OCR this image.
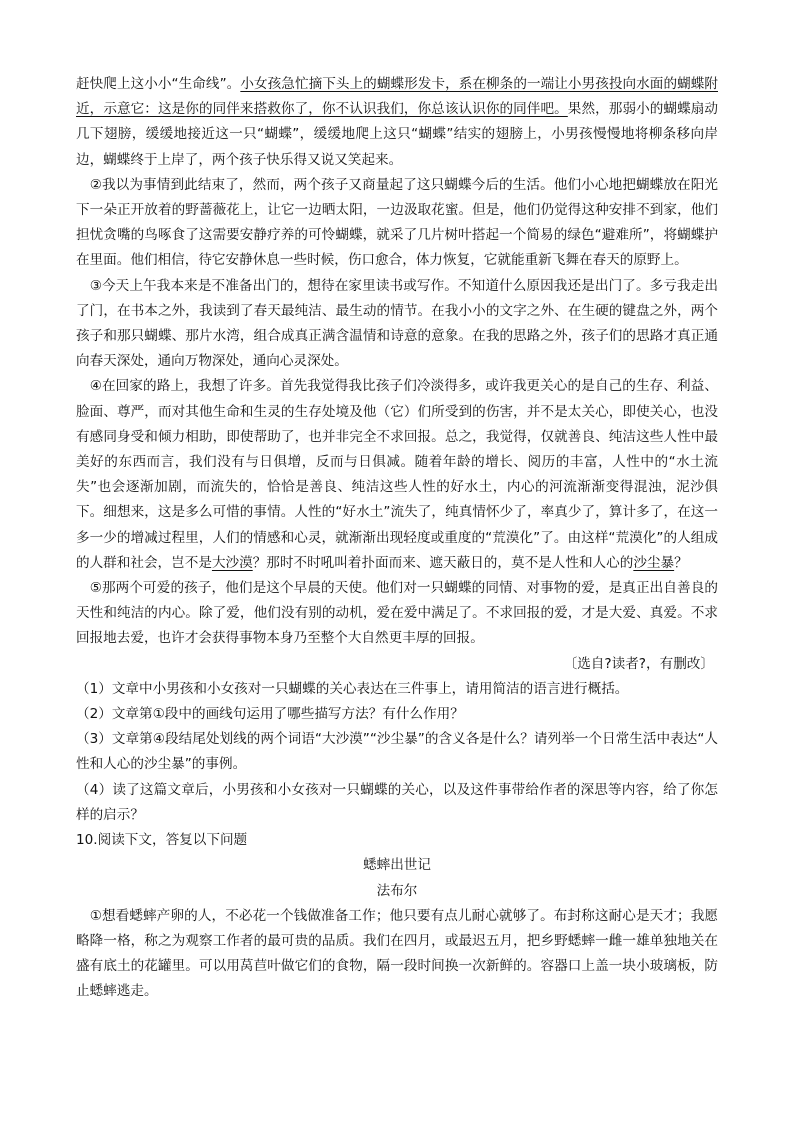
赶快爬上这小小“生命线”。小女孩急忙摘下头上的蝴蝶形发卡，系在柳条的一端让小男孩投向水面的蝴蝶附近，示意它：这是你的同伴来搭救你了，你不认识我们，你总该认识你的同伴吧。果然，那弱小的蝴蝶扇动几下翅膀，缓缓地接近这一只“蝴蝶”，缓缓地爬上这只“蝴蝶”结实的翅膀上，小男孩慢慢地将柳条移向岸边，蝴蝶终于上岸了，两个孩子快乐得又说又笑起来。

 ②我以为事情到此结束了，然而，两个孩子又商量起了这只蝴蝶今后的生活。他们小心地把蝴蝶放在阳光下一朵正开放着的野蔷薇花上，让它一边晒太阳，一边汲取花蜜。但是，他们仍觉得这种安排不到家，他们担忧贪嘴的鸟啄食了这需要安静疗养的可怜蝴蝶，就采了几片树叶搭起一个简易的绿色“避难所”，将蝴蝶护在里面。他们相信，待它安静休息一些时候，伤口愈合，体力恢复，它就能重新飞舞在春天的原野上。

 ③今天上午我本来是不准备出门的，想待在家里读书或写作。不知道什么原因我还是出门了。多亏我走出了门，在书本之外，我读到了春天最纯洁、最生动的情节。在我小小的文字之外、在生硬的键盘之外，两个孩子和那只蝴蝶、那片水湾，组合成真正满含温情和诗意的意象。在我的思路之外，孩子们的思路才真正通向春天深处，通向万物深处，通向心灵深处。

 ④在回家的路上，我想了许多。首先我觉得我比孩子们冷淡得多，或许我更关心的是自己的生存、利益、脸面、尊严，而对其他生命和生灵的生存处境及他（它）们所受到的伤害，并不是太关心，即使关心，也没有感同身受和倾力相助，即使帮助了，也并非完全不求回报。总之，我觉得，仅就善良、纯洁这些人性中最美好的东西而言，我们没有与日俱增，反而与日俱减。随着年龄的增长、阅历的丰富，人性中的“水土流失”也会逐渐加剧，而流失的，恰恰是善良、纯洁这些人性的好水土，内心的河流渐渐变得混浊，泥沙俱下。细想来，这是多么可惜的事情。人性的“好水土”流失了，纯真情怀少了，率真少了，算计多了，在这一多一少的增减过程里，人们的情感和心灵，就渐渐出现轻度或重度的“荒漠化”了。由这样“荒漠化”的人组成的人群和社会，岂不是大沙漠？那时不时吼叫着扑面而来、遮天蔽日的，莫不是人性和人心的沙尘暴？

 ⑤那两个可爱的孩子，他们是这个早晨的天使。他们对一只蝴蝶的同情、对事物的爱，是真正出自善良的天性和纯洁的内心。除了爱，他们没有别的动机，爱在爱中满足了。不求回报的爱，才是大爱、真爱。不求回报地去爱，也许才会获得事物本身乃至整个大自然更丰厚的回报。

〔选自?读者?，有删改〕

（1）文章中小男孩和小女孩对一只蝴蝶的关心表达在三件事上，请用简洁的语言进行概括。

（2）文章第①段中的画线句运用了哪些描写方法？有什么作用？

（3）文章第④段结尾处划线的两个词语“大沙漠”“沙尘暴”的含义各是什么？请列举一个日常生活中表达“人性和人心的沙尘暴”的事例。

（4）读了这篇文章后，小男孩和小女孩对一只蝴蝶的关心，以及这件事带给作者的深思等内容，给了你怎样的启示？

10.阅读下文，答复以下问题

蟋蟀出世记

法布尔

 ①想看蟋蟀产卵的人，不必花一个钱做准备工作；他只要有点儿耐心就够了。布封称这耐心是天才；我愿略降一格，称之为观察工作者的最可贵的品质。我们在四月，或最迟五月，把乡野蟋蟀一雌一雄单独地关在盛有底土的花罐里。可以用莴苣叶做它们的食物，隔一段时间换一次新鲜的。容器口上盖一块小玻璃板，防止蟋蟀逃走。
